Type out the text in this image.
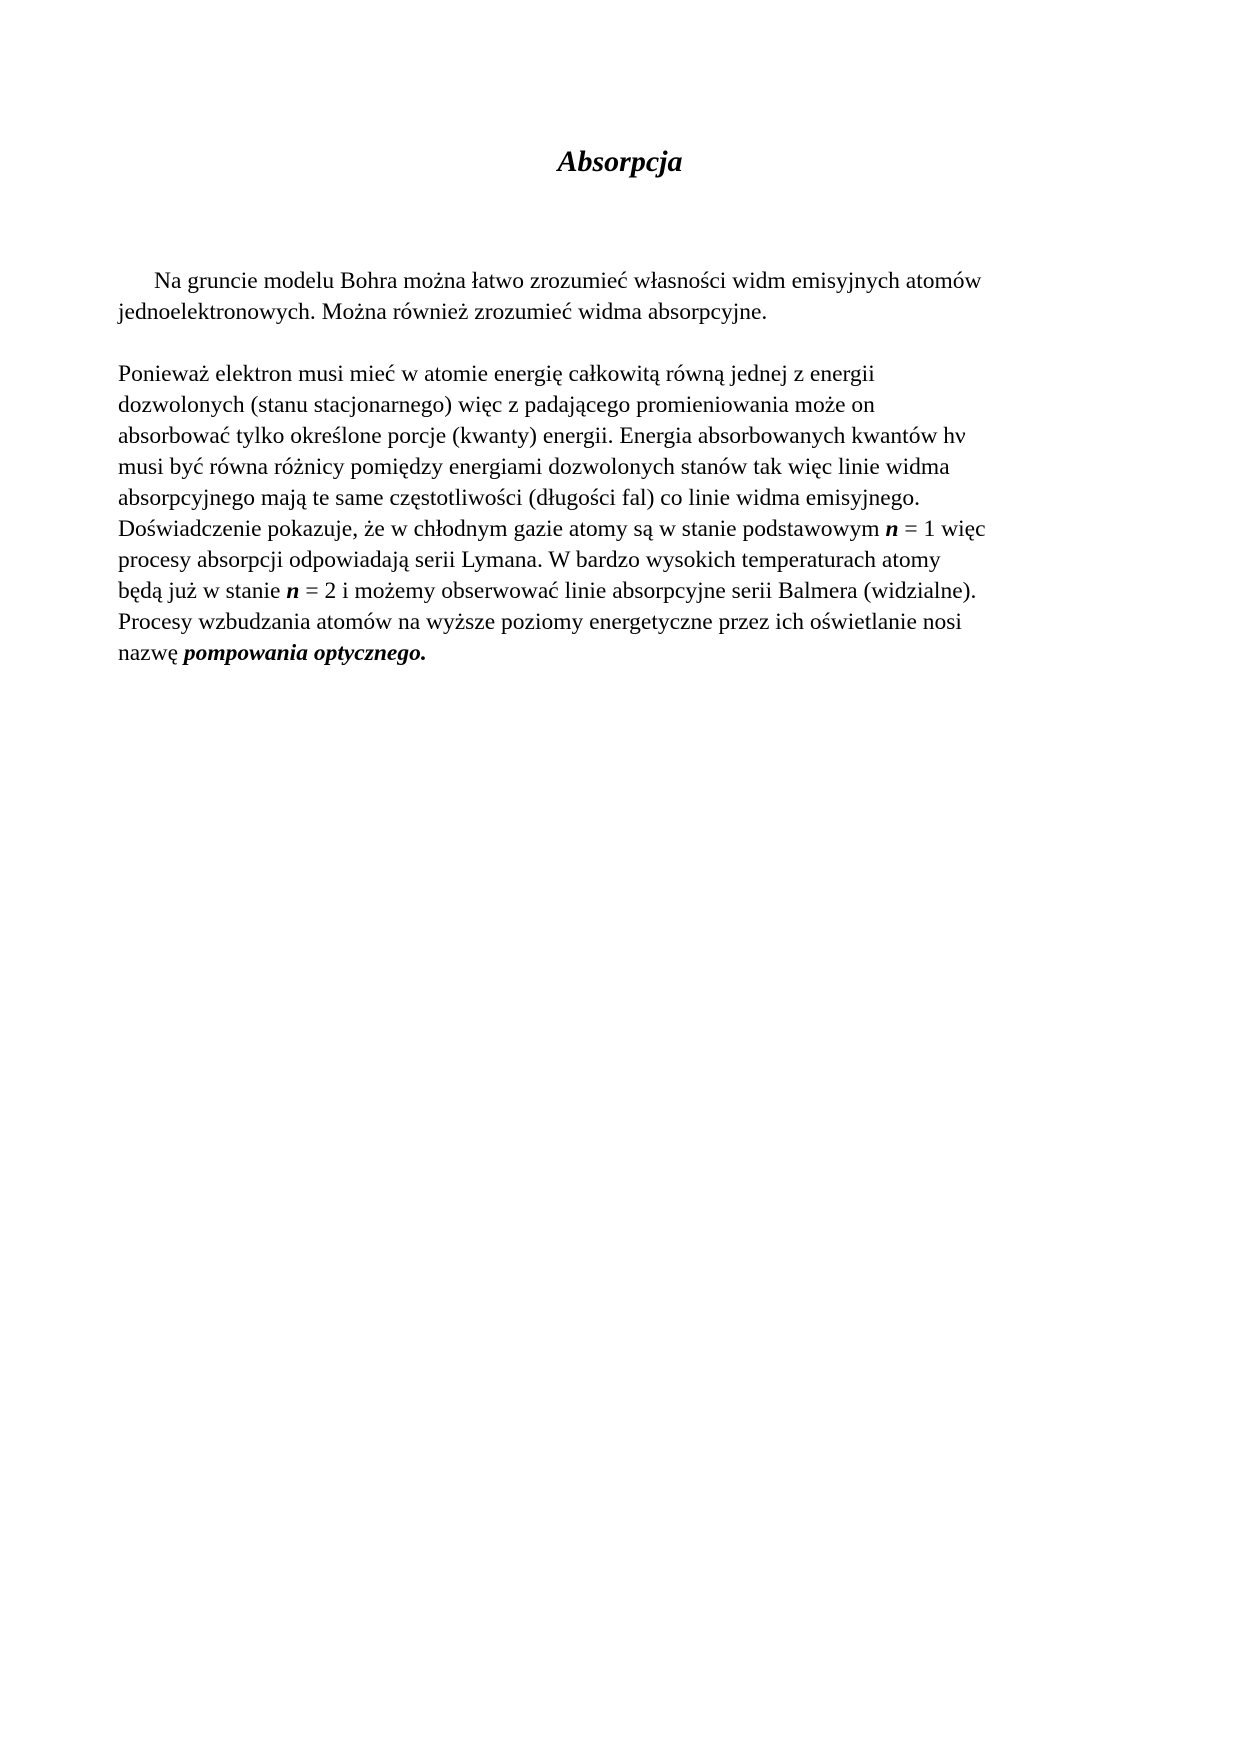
Absorpcja

Na gruncie modelu Bohra można łatwo zrozumieć własności widm emisyjnych atomów
jednoelektronowych. Można również zrozumieć widma absorpcyjne.

Ponieważ elektron musi mieć w atomie energię całkowitą równą jednej z energii
dozwolonych (stanu stacjonarnego) więc z padającego promieniowania może on
absorbować tylko określone porcje (kwanty) energii. Energia absorbowanych kwantów hν
musi być równa różnicy pomiędzy energiami dozwolonych stanów tak więc linie widma
absorpcyjnego mają te same częstotliwości (długości fal) co linie widma emisyjnego.
Doświadczenie pokazuje, że w chłodnym gazie atomy są w stanie podstawowym n = 1 więc
procesy absorpcji odpowiadają serii Lymana. W bardzo wysokich temperaturach atomy
będą już w stanie n = 2 i możemy obserwować linie absorpcyjne serii Balmera (widzialne).
Procesy wzbudzania atomów na wyższe poziomy energetyczne przez ich oświetlanie nosi
nazwę pompowania optycznego.
